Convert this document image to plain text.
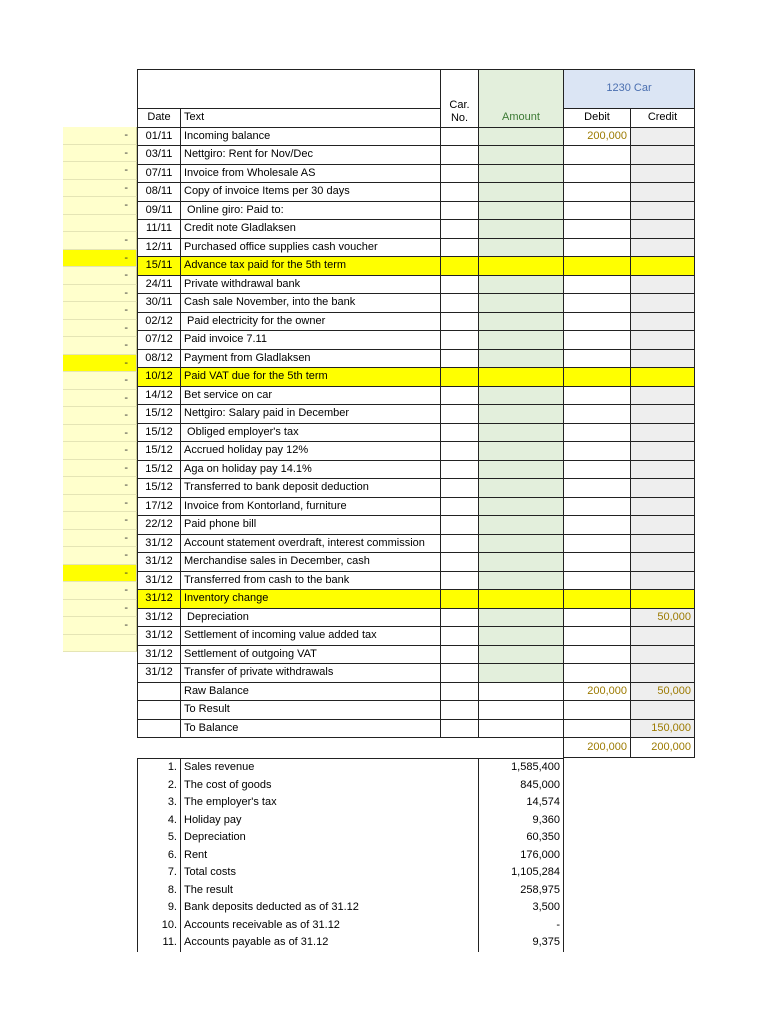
-
-
-
-
-
-
-
-
-
-
-
-
-
-
-
-
-
-
-
-
-
-
-
-
-
-
-
-
		Car. No.	Amount	1230 Car	
Date	Text			Debit	Credit
01/11	Incoming balance			200,000	
03/11	Nettgiro: Rent for Nov/Dec				
07/11	Invoice from Wholesale AS				
08/11	Copy of invoice Items per 30 days				
09/11	Online giro: Paid to:				
11/11	Credit note Gladlaksen				
12/11	Purchased office supplies cash voucher				
15/11	Advance tax paid for the 5th term				
24/11	Private withdrawal bank				
30/11	Cash sale November, into the bank				
02/12	Paid electricity for the owner				
07/12	Paid invoice 7.11				
08/12	Payment from Gladlaksen				
10/12	Paid VAT due for the 5th term				
14/12	Bet service on car				
15/12	Nettgiro: Salary paid in December				
15/12	Obliged employer's tax				
15/12	Accrued holiday pay 12%				
15/12	Aga on holiday pay 14.1%				
15/12	Transferred to bank deposit deduction				
17/12	Invoice from Kontorland, furniture				
22/12	Paid phone bill				
31/12	Account statement overdraft, interest commission				
31/12	Merchandise sales in December, cash				
31/12	Transferred from cash to the bank				
31/12	Inventory change				
31/12	Depreciation				50,000
31/12	Settlement of incoming value added tax				
31/12	Settlement of outgoing VAT				
31/12	Transfer of private withdrawals				
	Raw Balance			200,000	50,000
	To Result				
	To Balance				150,000
				200,000	200,000
1.	Sales revenue	1,585,400
2.	The cost of goods	845,000
3.	The employer's tax	14,574
4.	Holiday pay	9,360
5.	Depreciation	60,350
6.	Rent	176,000
7.	Total costs	1,105,284
8.	The result	258,975
9.	Bank deposits deducted as of 31.12	3,500
10.	Accounts receivable as of 31.12	-
11.	Accounts payable as of 31.12	9,375
